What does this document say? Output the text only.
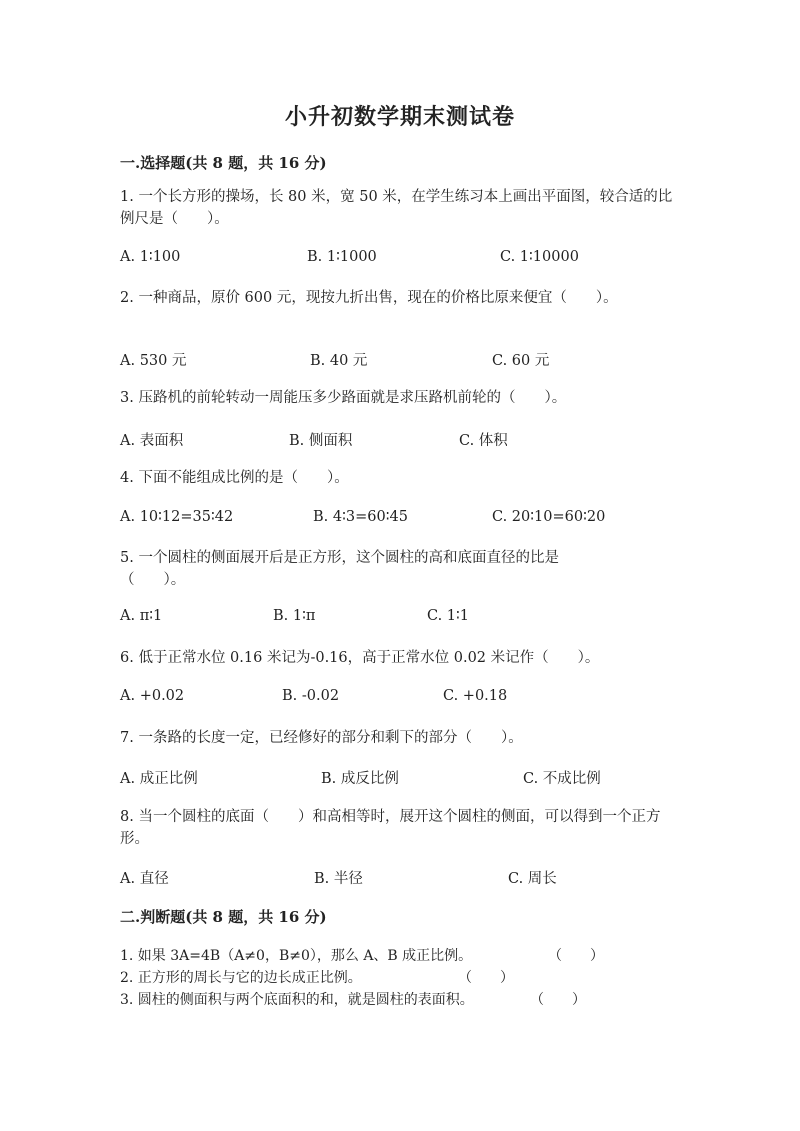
小升初数学期末测试卷
一.选择题(共 8 题，共 16 分)
1. 一个长方形的操场，长 80 米，宽 50 米，在学生练习本上画出平面图，较合适的比例尺是（　　）。
A. 1∶100	B. 1∶1000	C. 1∶10000
2. 一种商品，原价 600 元，现按九折出售，现在的价格比原来便宜（　　）。
A. 530 元	B. 40 元	C. 60 元
3. 压路机的前轮转动一周能压多少路面就是求压路机前轮的（　　）。
A. 表面积	B. 侧面积	C. 体积
4. 下面不能组成比例的是（　　）。
A. 10∶12=35∶42	B. 4∶3=60∶45	C. 20∶10=60∶20
5. 一个圆柱的侧面展开后是正方形，这个圆柱的高和底面直径的比是（　　）。
A. π∶1	B. 1∶π	C. 1∶1
6. 低于正常水位 0.16 米记为-0.16，高于正常水位 0.02 米记作（　　）。
A. +0.02	B. -0.02	C. +0.18
7. 一条路的长度一定，已经修好的部分和剩下的部分（　　）。
A. 成正比例	B. 成反比例	C. 不成比例
8. 当一个圆柱的底面（　　）和高相等时，展开这个圆柱的侧面，可以得到一个正方形。
A. 直径	B. 半径	C. 周长
二.判断题(共 8 题，共 16 分)
1. 如果 3A=4B（A≠0，B≠0），那么 A、B 成正比例。	（　　）
2. 正方形的周长与它的边长成正比例。	（　　）
3. 圆柱的侧面积与两个底面积的和，就是圆柱的表面积。	（　　）
